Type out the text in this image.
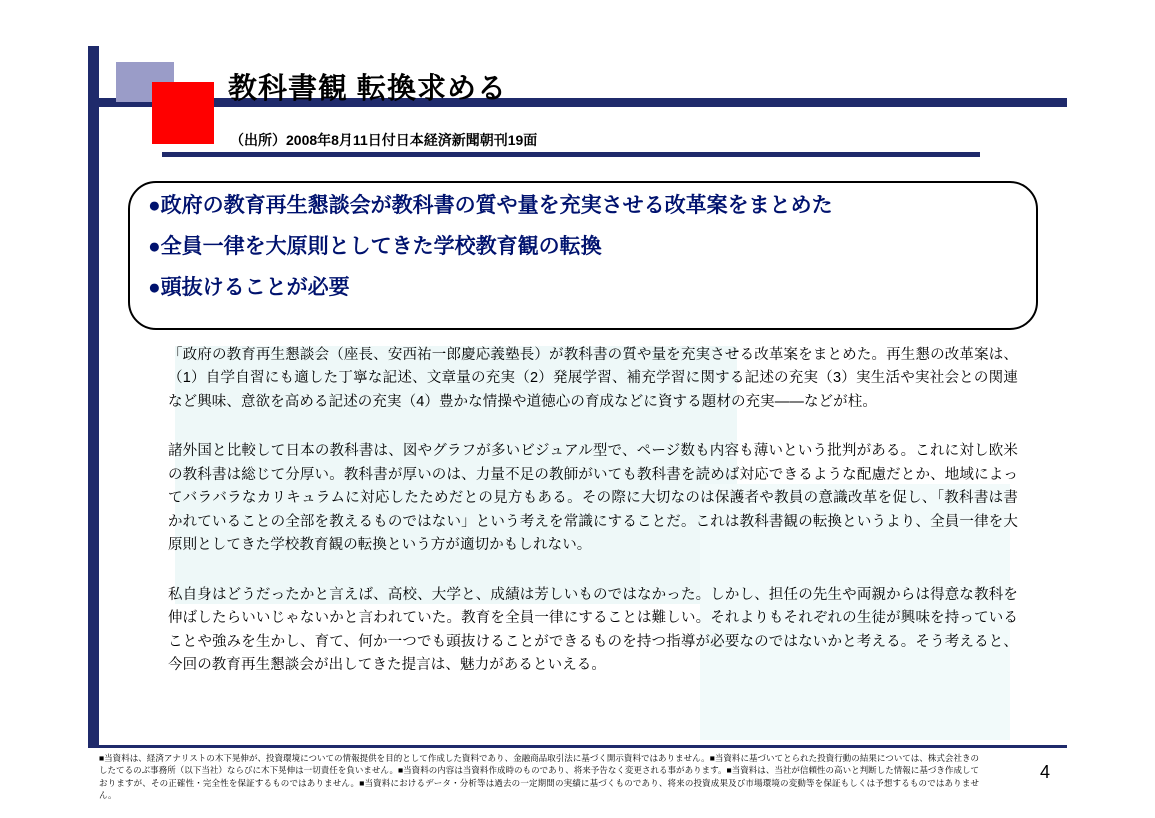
教科書観 転換求める
（出所）2008年8月11日付日本経済新聞朝刊19面
●政府の教育再生懇談会が教科書の質や量を充実させる改革案をまとめた
●全員一律を大原則としてきた学校教育観の転換
●頭抜けることが必要

「政府の教育再生懇談会（座長、安西祐一郎慶応義塾長）が教科書の質や量を充実させる改革案をまとめた。再生懇の改革案は、（1）自学自習にも適した丁寧な記述、文章量の充実（2）発展学習、補充学習に関する記述の充実（3）実生活や実社会との関連など興味、意欲を高める記述の充実（4）豊かな情操や道徳心の育成などに資する題材の充実——などが柱。

諸外国と比較して日本の教科書は、図やグラフが多いビジュアル型で、ページ数も内容も薄いという批判がある。これに対し欧米の教科書は総じて分厚い。教科書が厚いのは、力量不足の教師がいても教科書を読めば対応できるような配慮だとか、地域によってバラバラなカリキュラムに対応したためだとの見方もある。その際に大切なのは保護者や教員の意識改革を促し、「教科書は書かれていることの全部を教えるものではない」という考えを常識にすることだ。これは教科書観の転換というより、全員一律を大原則としてきた学校教育観の転換という方が適切かもしれない。

私自身はどうだったかと言えば、高校、大学と、成績は芳しいものではなかった。しかし、担任の先生や両親からは得意な教科を伸ばしたらいいじゃないかと言われていた。教育を全員一律にすることは難しい。それよりもそれぞれの生徒が興味を持っていることや強みを生かし、育て、何か一つでも頭抜けることができるものを持つ指導が必要なのではないかと考える。そう考えると、今回の教育再生懇談会が出してきた提言は、魅力があるといえる。

■当資料は、経済アナリストの木下晃伸が、投資環境についての情報提供を目的として作成した資料であり、金融商品取引法に基づく開示資料ではありません。■当資料に基づいてとられた投資行動の結果については、株式会社きのしたてるのぶ事務所（以下当社）ならびに木下晃伸は一切責任を負いません。■当資料の内容は当資料作成時のものであり、将来予告なく変更される事があります。■当資料は、当社が信頼性の高いと判断した情報に基づき作成しておりますが、その正確性・完全性を保証するものではありません。■当資料におけるデータ・分析等は過去の一定期間の実績に基づくものであり、将来の投資成果及び市場環境の変動等を保証もしくは予想するものではありません。
4
